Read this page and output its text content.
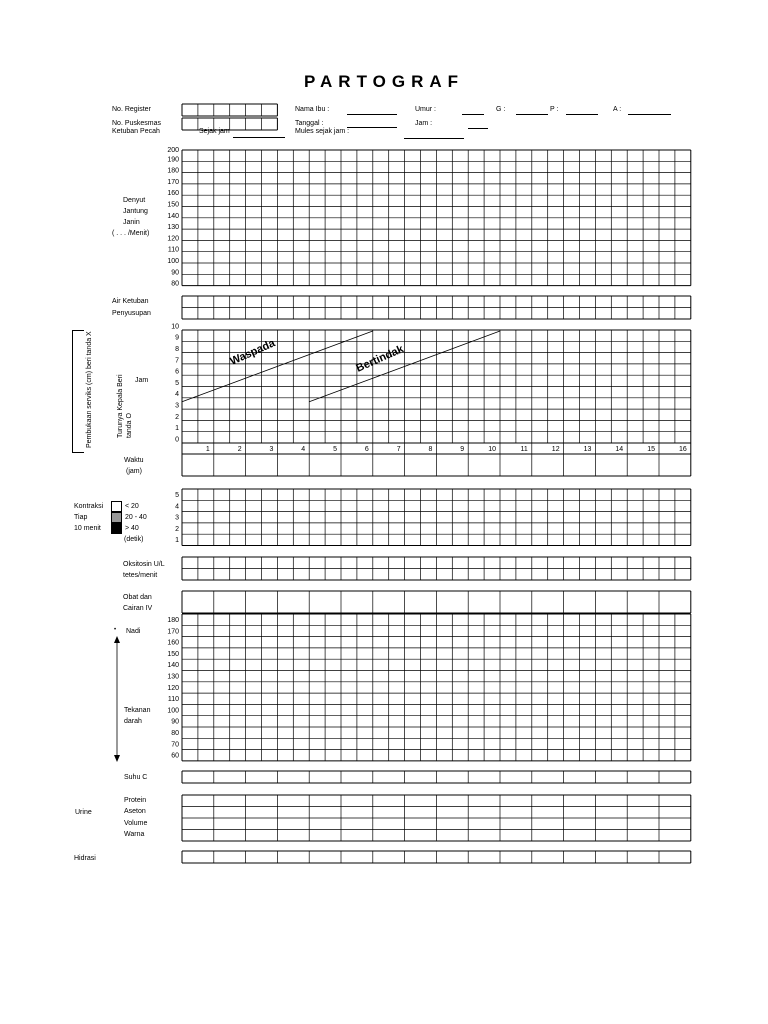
PARTOGRAF
No. Register
No. Puskesmas
Ketuban Pecah	Sejak jam
Nama Ibu :
Tanggal :
Mules sejak jam :
Umur :
Jam :
G :	P :	A :
Denyut
Jantung
Janin
( . . . /Menit)
Air Ketuban
Penyusupan
Pembukaan serviks (cm) beri tanda X	Turunya Kepala Beri tanda O
Jam
Waktu
(jam)
Kontraksi
Tiap
10 menit
< 20
20 - 40
> 40
(detik)
Oksitosin U/L
tetes/menit
Obat dan
Cairan IV
• Nadi
Tekanan
darah
Suhu C
Urine
Protein
Aseton
Volume
Warna
Hidrasi
200
190
180
170
160
150
140
130
120
110
100
90
80
10
9
8
7
6
5
4
3
2
1
0
1	2	3	4	5	6	7	8	9	10	11	12	13	14	15	16
Waspada	Bertindak
5
4
3
2
1
180
170
160
150
140
130
120
110
100
90
80
70
60
